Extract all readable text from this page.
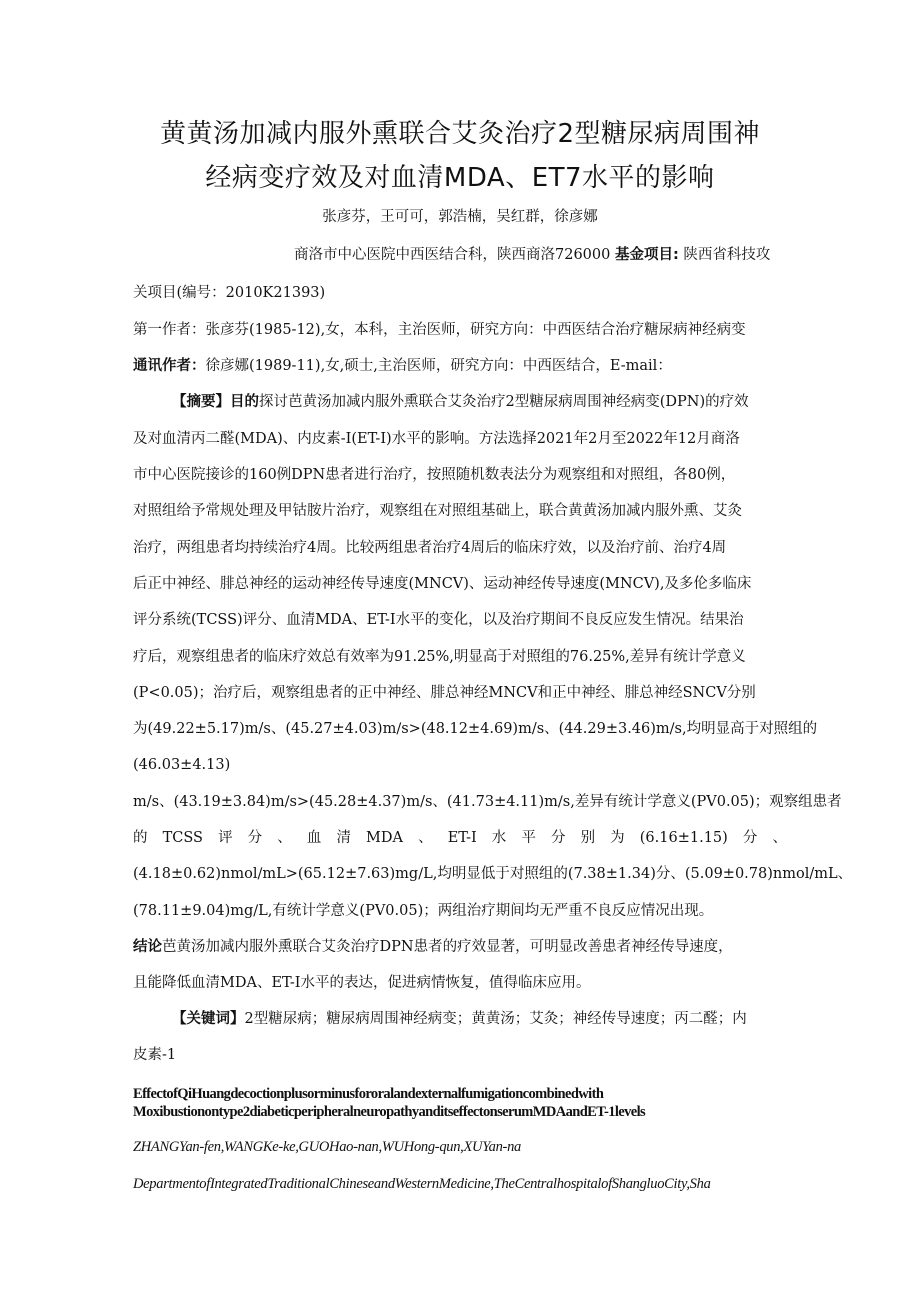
黄黄汤加减内服外熏联合艾灸治疗2型糖尿病周围神
经病变疗效及对血清MDA、ET7水平的影响
张彦芬，王可可，郭浩楠，吴红群，徐彦娜
商洛市中心医院中西医结合科，陕西商洛726000 基金项目: 陕西省科技攻
关项目(编号：2010K21393)
第一作者：张彦芬(1985-12),女，本科，主治医师，研究方向：中西医结合治疗糖尿病神经病变
通讯作者：徐彦娜(1989-11),女,硕士,主治医师，研究方向：中西医结合，E-mail：
【摘要】目的探讨芭黄汤加减内服外熏联合艾灸治疗2型糖尿病周围神经病变(DPN)的疗效
及对血清丙二醛(MDA)、内皮素-I(ET-I)水平的影响。方法选择2021年2月至2022年12月商洛
市中心医院接诊的160例DPN患者进行治疗，按照随机数表法分为观察组和对照组，各80例，
对照组给予常规处理及甲钴胺片治疗，观察组在对照组基础上，联合黄黄汤加减内服外熏、艾灸
治疗，两组患者均持续治疗4周。比较两组患者治疗4周后的临床疗效，以及治疗前、治疗4周
后正中神经、腓总神经的运动神经传导速度(MNCV)、运动神经传导速度(MNCV),及多伦多临床
评分系统(TCSS)评分、血清MDA、ET-I水平的变化，以及治疗期间不良反应发生情况。结果治
疗后，观察组患者的临床疗效总有效率为91.25%,明显高于对照组的76.25%,差异有统计学意义
(P<0.05)；治疗后，观察组患者的正中神经、腓总神经MNCV和正中神经、腓总神经SNCV分别
为(49.22±5.17)m/s、(45.27±4.03)m∕s>(48.12±4.69)m/s、(44.29±3.46)m∕s,均明显高于对照组的
(46.03±4.13)
m/s、(43.19±3.84)m∕s>(45.28±4.37)m/s、(41.73±4.11)m∕s,差异有统计学意义(PV0.05)；观察组患者
的 TCSS 评 分 、 血 清 MDA 、 ET-I 水 平 分 别 为 (6.16±1.15) 分 、
(4.18±0.62)nmol∕mL>(65.12±7.63)mg∕L,均明显低于对照组的(7.38±1.34)分、(5.09±0.78)nmol/mL、
(78.11±9.04)mg∕L,有统计学意义(PV0.05)；两组治疗期间均无严重不良反应情况出现。
结论芭黄汤加减内服外熏联合艾灸治疗DPN患者的疗效显著，可明显改善患者神经传导速度，
且能降低血清MDA、ET-I水平的表达，促进病情恢复，值得临床应用。
【关键词】2型糖尿病；糖尿病周围神经病变；黄黄汤；艾灸；神经传导速度；丙二醛；内
皮素-1
EffectofQiHuangdecoctionplusorminusfororalandexternalfumigationcombinedwith
Moxibustionontype2diabeticperipheralneuropathyanditseffectonserumMDAandET-1levels
ZHANGYan-fen,WANGKe-ke,GUOHao-nan,WUHong-qun,XUYan-na
DepartmentofIntegratedTraditionalChineseandWesternMedicine,TheCentralhospitalofShangluoCity,Sha
